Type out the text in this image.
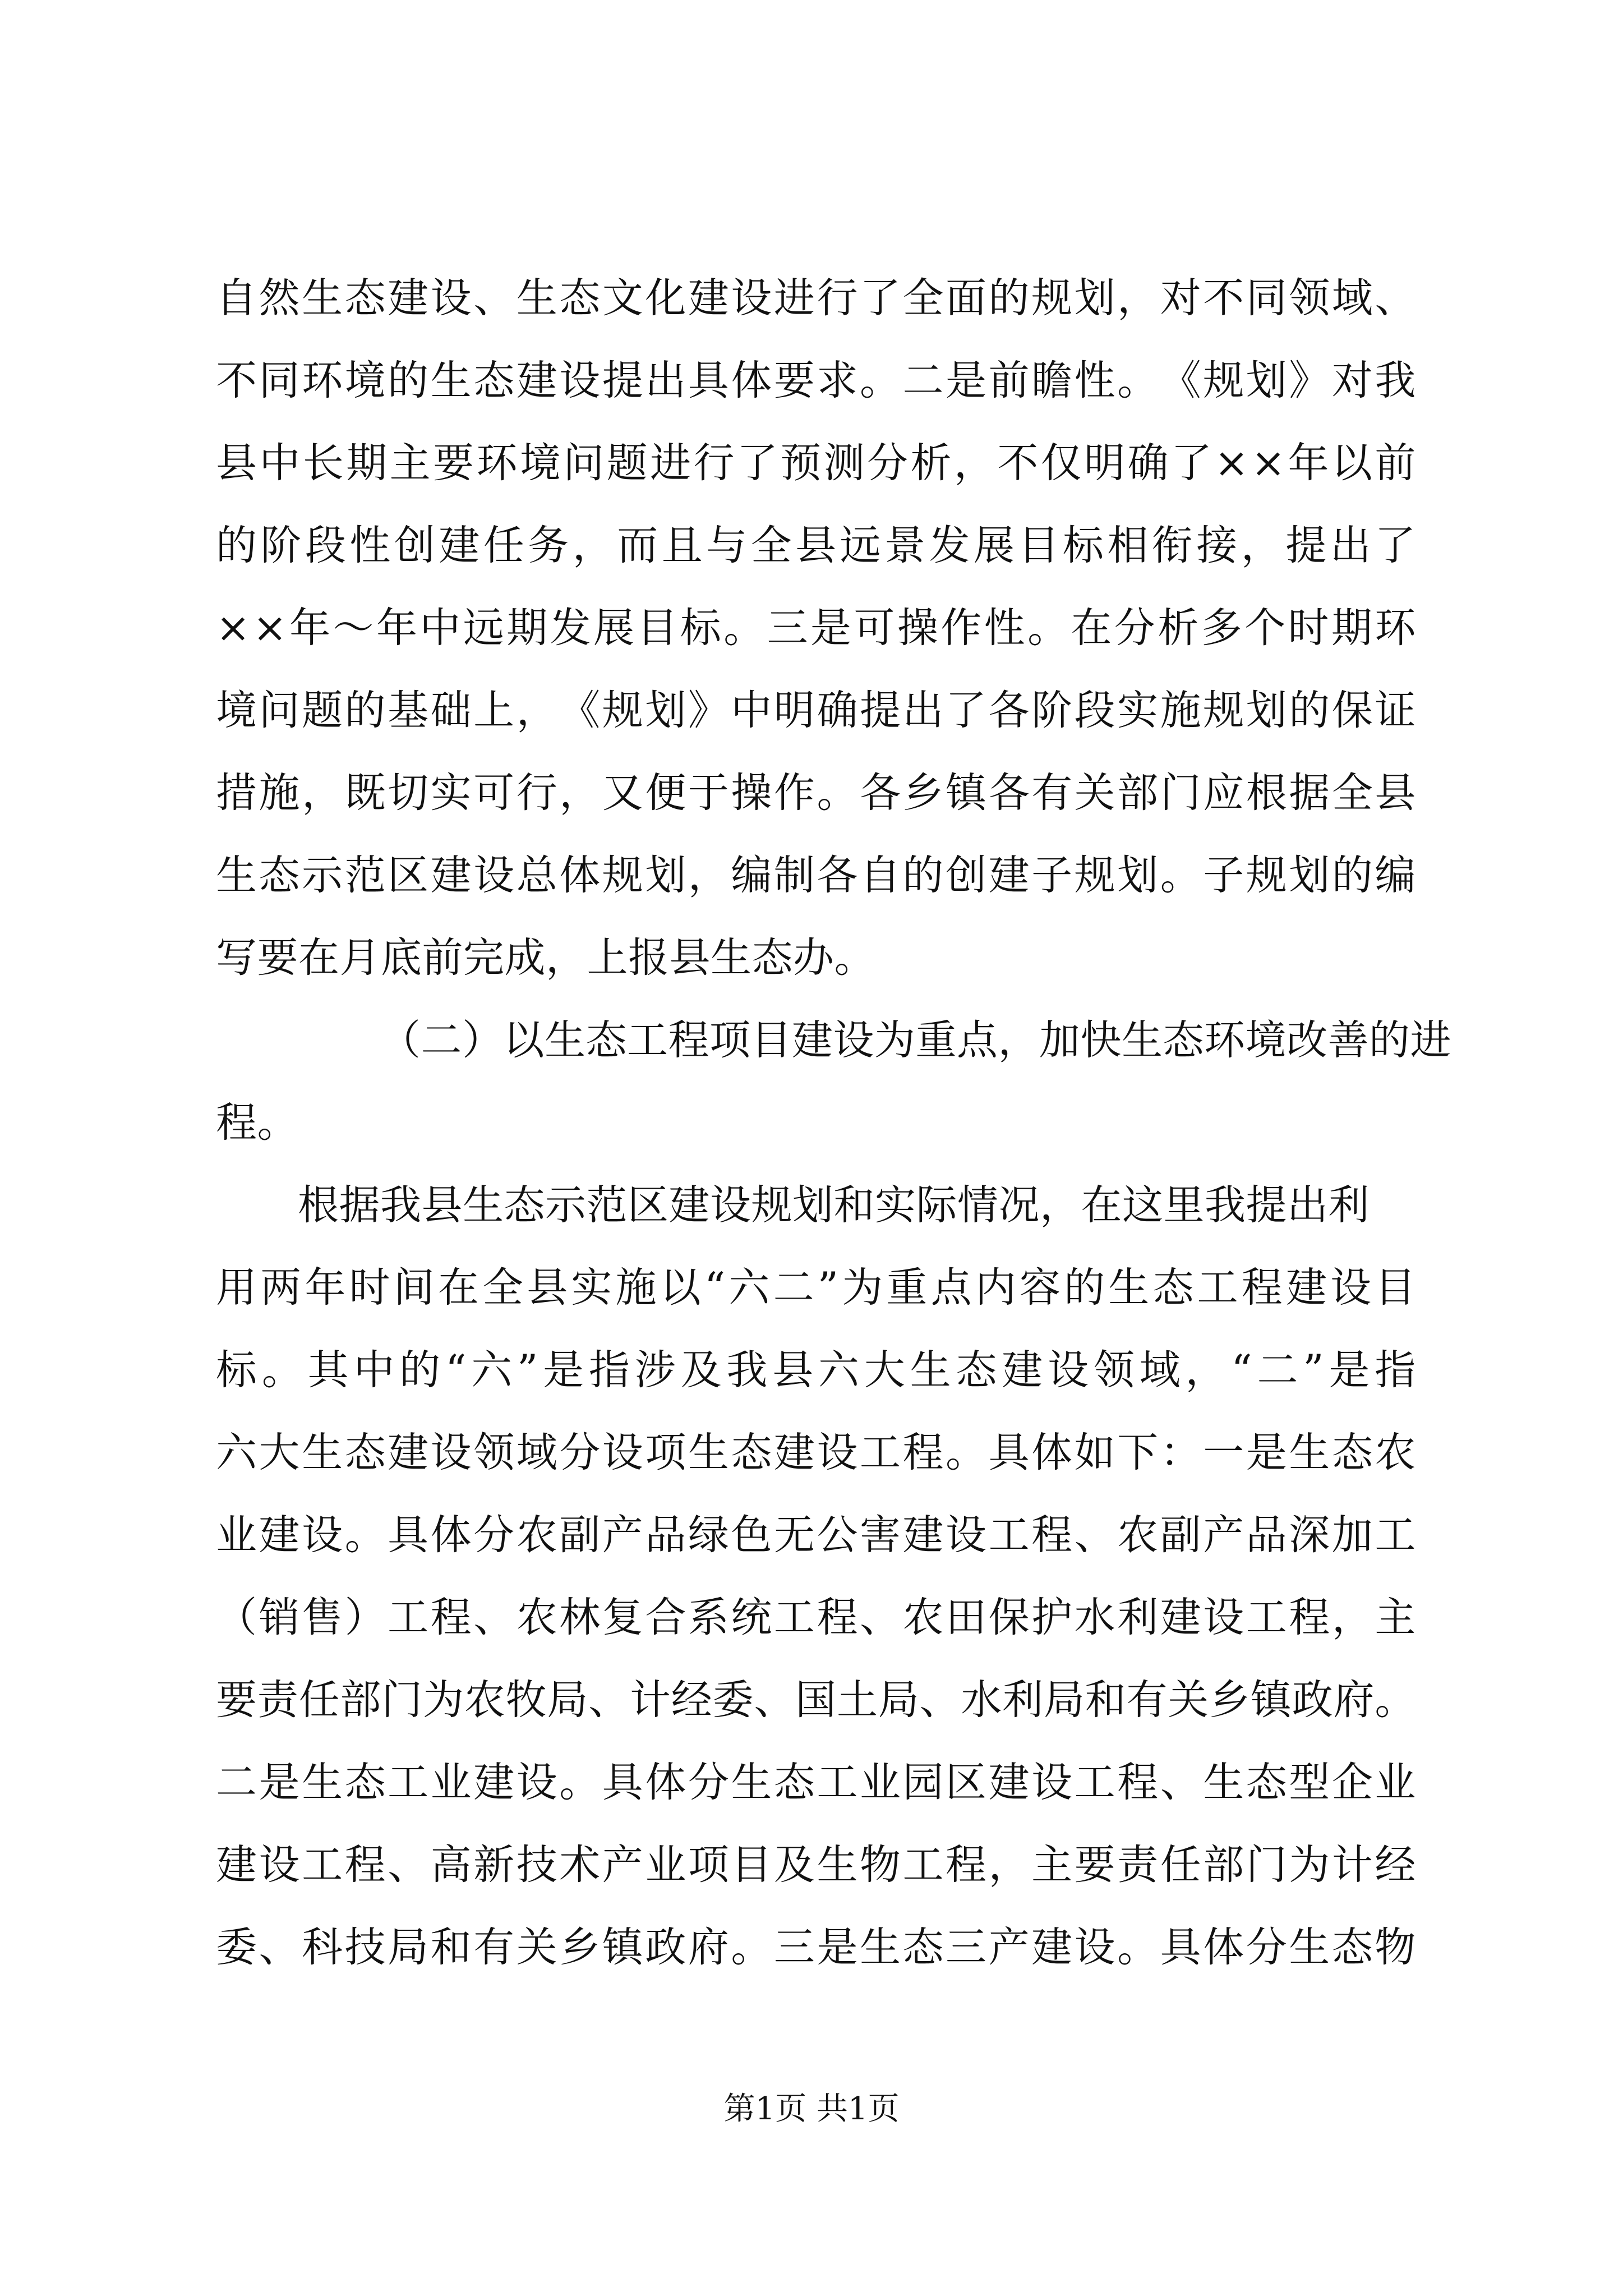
自 然 生 态 建 设 、 生 态 文 化 建 设 进 行 了 全 面 的 规 划 ， 对 不 同 领 域 、
不 同 环 境 的 生 态 建 设 提 出 具 体 要 求 。 二 是 前 瞻 性 。 《 规 划 》 对 我
县 中 长 期 主 要 环 境 问 题 进 行 了 预 测 分 析 ， 不 仅 明 确 了 × × 年 以 前
的 阶 段 性 创 建 任 务 ， 而 且 与 全 县 远 景 发 展 目 标 相 衔 接 ， 提 出 了
× × 年 ～ 年 中 远 期 发 展 目 标 。 三 是 可 操 作 性 。 在 分 析 多 个 时 期 环
境 问 题 的 基 础 上 ， 《 规 划 》 中 明 确 提 出 了 各 阶 段 实 施 规 划 的 保 证
措 施 ， 既 切 实 可 行 ， 又 便 于 操 作 。 各 乡 镇 各 有 关 部 门 应 根 据 全 县
生 态 示 范 区 建 设 总 体 规 划 ， 编 制 各 自 的 创 建 子 规 划 。 子 规 划 的 编
写要在月底前完成，上报县生态办。
（二）以生态工程项目建设为重点，加快生态环境改善的进
程。
根据我县生态示范区建设规划和实际情况，在这里我提出利
用 两 年 时 间 在 全 县 实 施 以 “ 六 二 ” 为 重 点 内 容 的 生 态 工 程 建 设 目
标 。 其 中 的 “ 六 ” 是 指 涉 及 我 县 六 大 生 态 建 设 领 域 ， “ 二 ” 是 指
六 大 生 态 建 设 领 域 分 设 项 生 态 建 设 工 程 。 具 体 如 下 ： 一 是 生 态 农
业 建 设 。 具 体 分 农 副 产 品 绿 色 无 公 害 建 设 工 程 、 农 副 产 品 深 加 工
（ 销 售 ） 工 程 、 农 林 复 合 系 统 工 程 、 农 田 保 护 水 利 建 设 工 程 ， 主
要 责 任 部 门 为 农 牧 局 、 计 经 委 、 国 土 局 、 水 利 局 和 有 关 乡 镇 政 府 。
二 是 生 态 工 业 建 设 。 具 体 分 生 态 工 业 园 区 建 设 工 程 、 生 态 型 企 业
建 设 工 程 、 高 新 技 术 产 业 项 目 及 生 物 工 程 ， 主 要 责 任 部 门 为 计 经
委 、 科 技 局 和 有 关 乡 镇 政 府 。 三 是 生 态 三 产 建 设 。 具 体 分 生 态 物
第1页 共1页
